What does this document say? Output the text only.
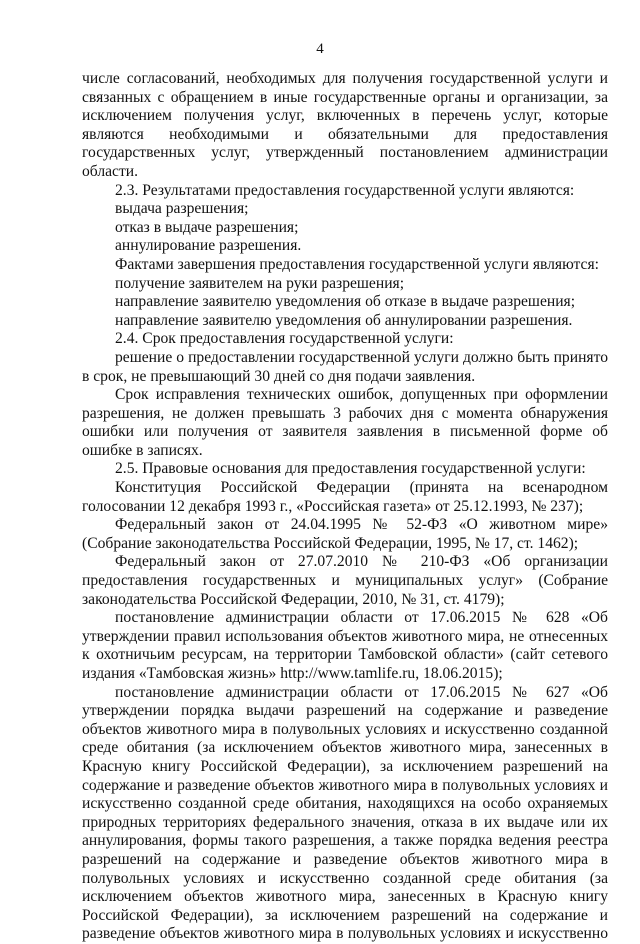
4

числе согласований, необходимых для получения государственной услуги и связанных с обращением в иные государственные органы и организации, за исключением получения услуг, включенных в перечень услуг, которые являются необходимыми и обязательными для предоставления государственных услуг, утвержденный постановлением администрации области.

2.3. Результатами предоставления государственной услуги являются:

выдача разрешения;

отказ в выдаче разрешения;

аннулирование разрешения.

Фактами завершения предоставления государственной услуги являются:

получение заявителем на руки разрешения;

направление заявителю уведомления об отказе в выдаче разрешения;

направление заявителю уведомления об аннулировании разрешения.

2.4. Срок предоставления государственной услуги:

решение о предоставлении государственной услуги должно быть принято в срок, не превышающий 30 дней со дня подачи заявления.

Срок исправления технических ошибок, допущенных при оформлении разрешения, не должен превышать 3 рабочих дня с момента обнаружения ошибки или получения от заявителя заявления в письменной форме об ошибке в записях.

2.5. Правовые основания для предоставления государственной услуги:

Конституция Российской Федерации (принята на всенародном голосовании 12 декабря 1993 г., «Российская газета» от 25.12.1993, № 237);

Федеральный закон от 24.04.1995 № 52-ФЗ «О животном мире» (Собрание законодательства Российской Федерации, 1995, № 17, ст. 1462);

Федеральный закон от 27.07.2010 № 210-ФЗ «Об организации предоставления государственных и муниципальных услуг» (Собрание законодательства Российской Федерации, 2010, № 31, ст. 4179);

постановление администрации области от 17.06.2015 № 628 «Об утверждении правил использования объектов животного мира, не отнесенных к охотничьим ресурсам, на территории Тамбовской области» (сайт сетевого издания «Тамбовская жизнь» http://www.tamlife.ru, 18.06.2015);

постановление администрации области от 17.06.2015 № 627 «Об утверждении порядка выдачи разрешений на содержание и разведение объектов животного мира в полувольных условиях и искусственно созданной среде обитания (за исключением объектов животного мира, занесенных в Красную книгу Российской Федерации), за исключением разрешений на содержание и разведение объектов животного мира в полувольных условиях и искусственно созданной среде обитания, находящихся на особо охраняемых природных территориях федерального значения, отказа в их выдаче или их аннулирования, формы такого разрешения, а также порядка ведения реестра разрешений на содержание и разведение объектов животного мира в полувольных условиях и искусственно созданной среде обитания (за исключением объектов животного мира, занесенных в Красную книгу Российской Федерации), за исключением разрешений на содержание и разведение объектов животного мира в полувольных условиях и искусственно
